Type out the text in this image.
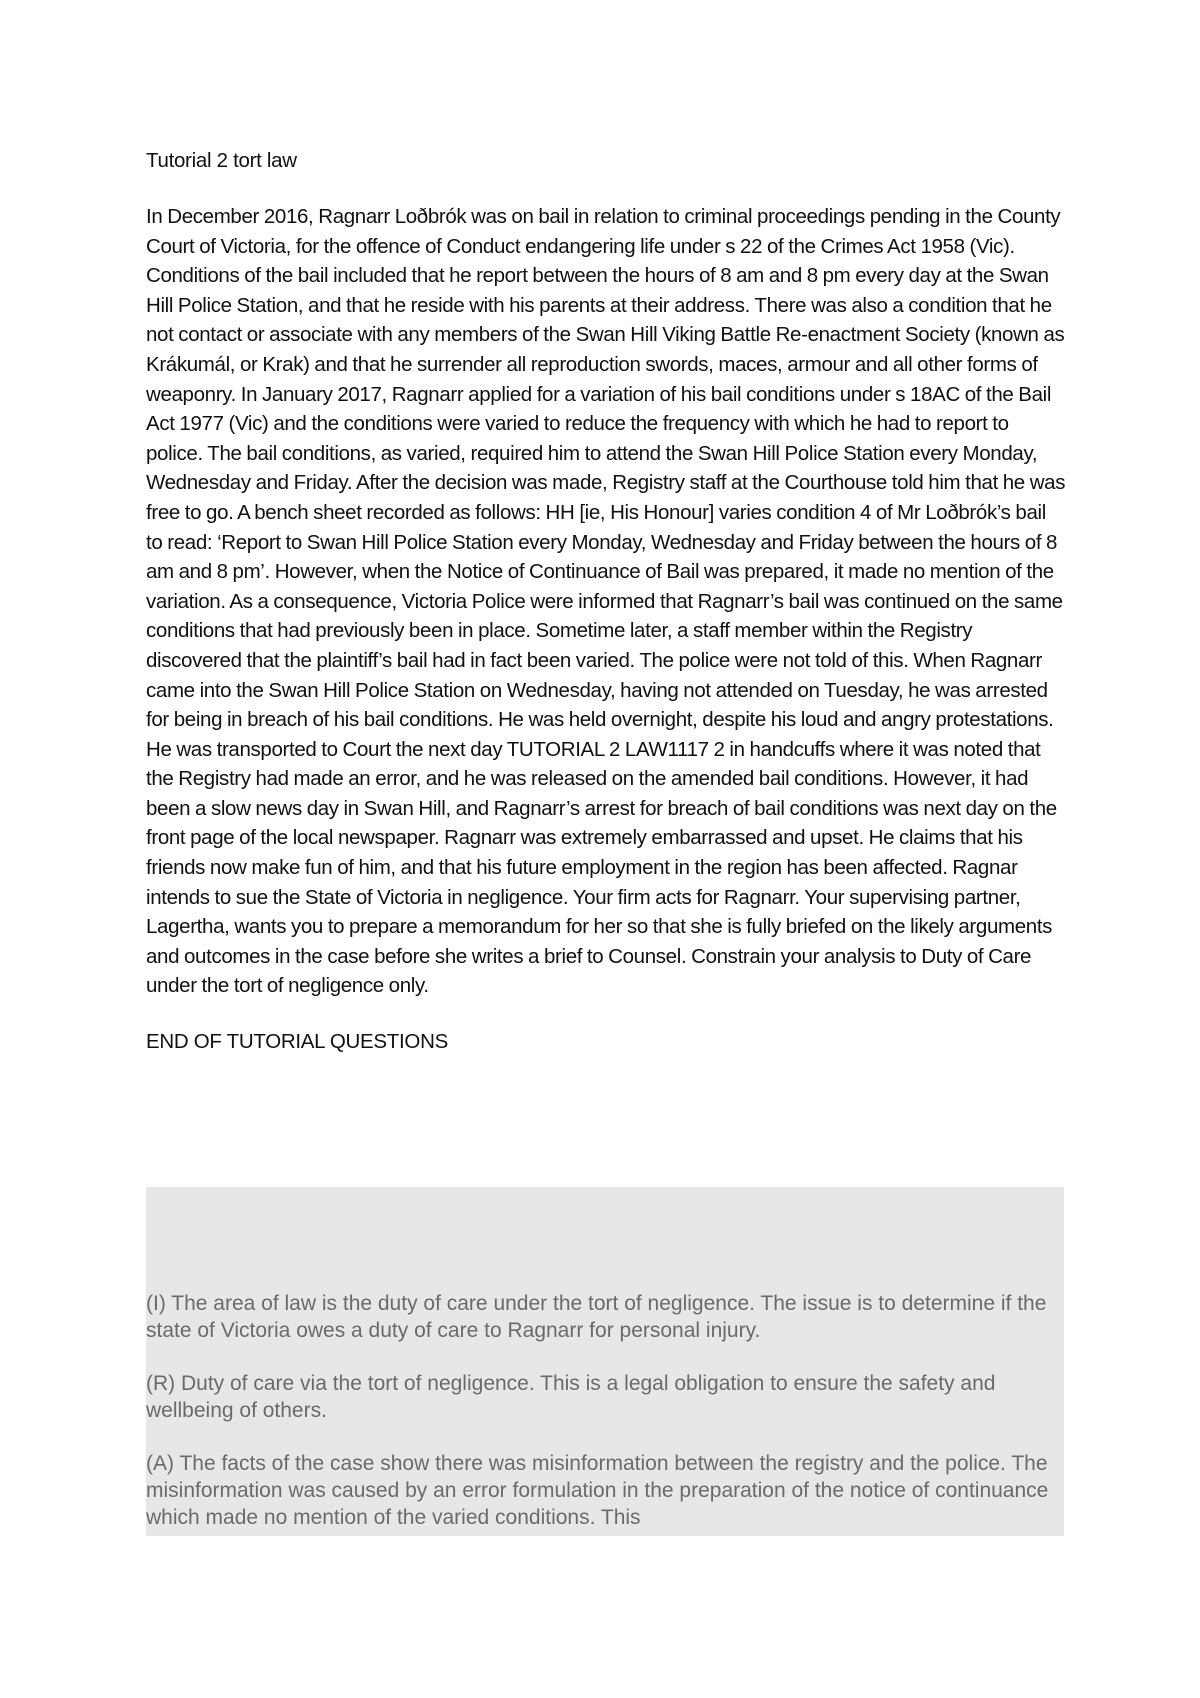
Tutorial 2 tort law

In December 2016, Ragnarr Loðbrók was on bail in relation to criminal proceedings pending in the County Court of Victoria, for the offence of Conduct endangering life under s 22 of the Crimes Act 1958 (Vic). Conditions of the bail included that he report between the hours of 8 am and 8 pm every day at the Swan Hill Police Station, and that he reside with his parents at their address. There was also a condition that he not contact or associate with any members of the Swan Hill Viking Battle Re-enactment Society (known as Krákumál, or Krak) and that he surrender all reproduction swords, maces, armour and all other forms of weaponry. In January 2017, Ragnarr applied for a variation of his bail conditions under s 18AC of the Bail Act 1977 (Vic) and the conditions were varied to reduce the frequency with which he had to report to police. The bail conditions, as varied, required him to attend the Swan Hill Police Station every Monday, Wednesday and Friday. After the decision was made, Registry staff at the Courthouse told him that he was free to go. A bench sheet recorded as follows: HH [ie, His Honour] varies condition 4 of Mr Loðbrók’s bail to read: ‘Report to Swan Hill Police Station every Monday, Wednesday and Friday between the hours of 8 am and 8 pm’. However, when the Notice of Continuance of Bail was prepared, it made no mention of the variation. As a consequence, Victoria Police were informed that Ragnarr’s bail was continued on the same conditions that had previously been in place. Sometime later, a staff member within the Registry discovered that the plaintiff’s bail had in fact been varied. The police were not told of this. When Ragnarr came into the Swan Hill Police Station on Wednesday, having not attended on Tuesday, he was arrested for being in breach of his bail conditions. He was held overnight, despite his loud and angry protestations. He was transported to Court the next day TUTORIAL 2 LAW1117 2 in handcuffs where it was noted that the Registry had made an error, and he was released on the amended bail conditions. However, it had been a slow news day in Swan Hill, and Ragnarr’s arrest for breach of bail conditions was next day on the front page of the local newspaper. Ragnarr was extremely embarrassed and upset. He claims that his friends now make fun of him, and that his future employment in the region has been affected. Ragnar intends to sue the State of Victoria in negligence. Your firm acts for Ragnarr. Your supervising partner, Lagertha, wants you to prepare a memorandum for her so that she is fully briefed on the likely arguments and outcomes in the case before she writes a brief to Counsel. Constrain your analysis to Duty of Care under the tort of negligence only.

END OF TUTORIAL QUESTIONS

(I) The area of law is the duty of care under the tort of negligence. The issue is to determine if the state of Victoria owes a duty of care to Ragnarr for personal injury.

(R) Duty of care via the tort of negligence. This is a legal obligation to ensure the safety and wellbeing of others.

(A) The facts of the case show there was misinformation between the registry and the police. The misinformation was caused by an error formulation in the preparation of the notice of continuance which made no mention of the varied conditions. This
